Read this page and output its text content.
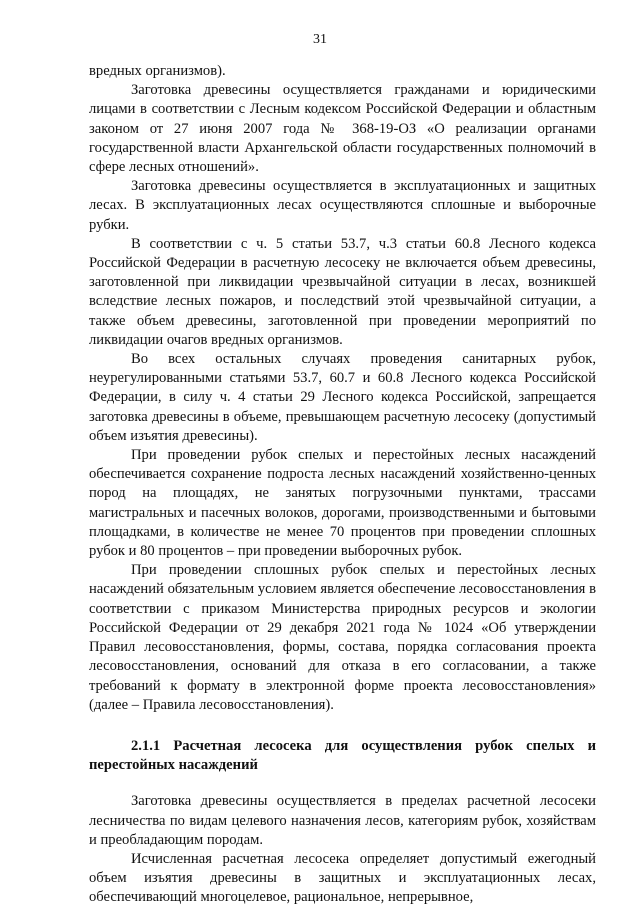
31

вредных организмов).

Заготовка древесины осуществляется гражданами и юридическими лицами в соответствии с Лесным кодексом Российской Федерации и областным законом от 27 июня 2007 года № 368-19-ОЗ «О реализации органами государственной власти Архангельской области государственных полномочий в сфере лесных отношений».

Заготовка древесины осуществляется в эксплуатационных и защитных лесах. В эксплуатационных лесах осуществляются сплошные и выборочные рубки.

В соответствии с ч. 5 статьи 53.7, ч.3 статьи 60.8 Лесного кодекса Российской Федерации в расчетную лесосеку не включается объем древесины, заготовленной при ликвидации чрезвычайной ситуации в лесах, возникшей вследствие лесных пожаров, и последствий этой чрезвычайной ситуации, а также объем древесины, заготовленной при проведении мероприятий по ликвидации очагов вредных организмов.

Во всех остальных случаях проведения санитарных рубок, неурегулированными статьями 53.7, 60.7 и 60.8 Лесного кодекса Российской Федерации, в силу ч. 4 статьи 29 Лесного кодекса Российской, запрещается заготовка древесины в объеме, превышающем расчетную лесосеку (допустимый объем изъятия древесины).

При проведении рубок спелых и перестойных лесных насаждений обеспечивается сохранение подроста лесных насаждений хозяйственно-ценных пород на площадях, не занятых погрузочными пунктами, трассами магистральных и пасечных волоков, дорогами, производственными и бытовыми площадками, в количестве не менее 70 процентов при проведении сплошных рубок и 80 процентов – при проведении выборочных рубок.

При проведении сплошных рубок спелых и перестойных лесных насаждений обязательным условием является обеспечение лесовосстановления в соответствии с приказом Министерства природных ресурсов и экологии Российской Федерации от 29 декабря 2021 года № 1024 «Об утверждении Правил лесовосстановления, формы, состава, порядка согласования проекта лесовосстановления, оснований для отказа в его согласовании, а также требований к формату в электронной форме проекта лесовосстановления» (далее – Правила лесовосстановления).

2.1.1 Расчетная лесосека для осуществления рубок спелых и перестойных насаждений

Заготовка древесины осуществляется в пределах расчетной лесосеки лесничества по видам целевого назначения лесов, категориям рубок, хозяйствам и преобладающим породам.

Исчисленная расчетная лесосека определяет допустимый ежегодный объем изъятия древесины в защитных и эксплуатационных лесах, обеспечивающий многоцелевое, рациональное, непрерывное,
